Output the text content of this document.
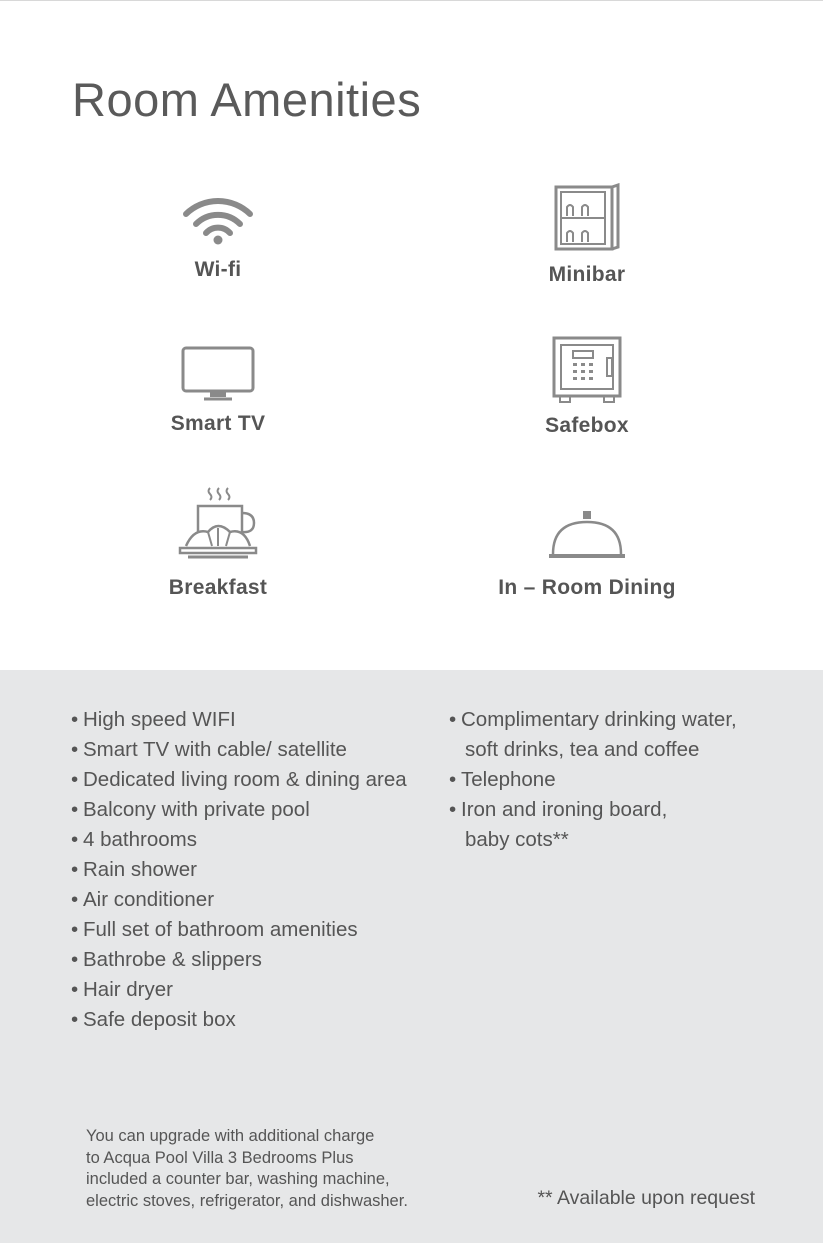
Room Amenities
Wi-fi	Minibar
Smart TV	Safebox
Breakfast	In – Room Dining
• High speed WIFI
• Smart TV with cable/ satellite
• Dedicated living room & dining area
• Balcony with private pool
• 4 bathrooms
• Rain shower
• Air conditioner
• Full set of bathroom amenities
• Bathrobe & slippers
• Hair dryer
• Safe deposit box
• Complimentary drinking water,
soft drinks, tea and coffee
• Telephone
• Iron and ironing board,
baby cots**

You can upgrade with additional charge
to Acqua Pool Villa 3 Bedrooms Plus
included a counter bar, washing machine,
electric stoves, refrigerator, and dishwasher.	** Available upon request
